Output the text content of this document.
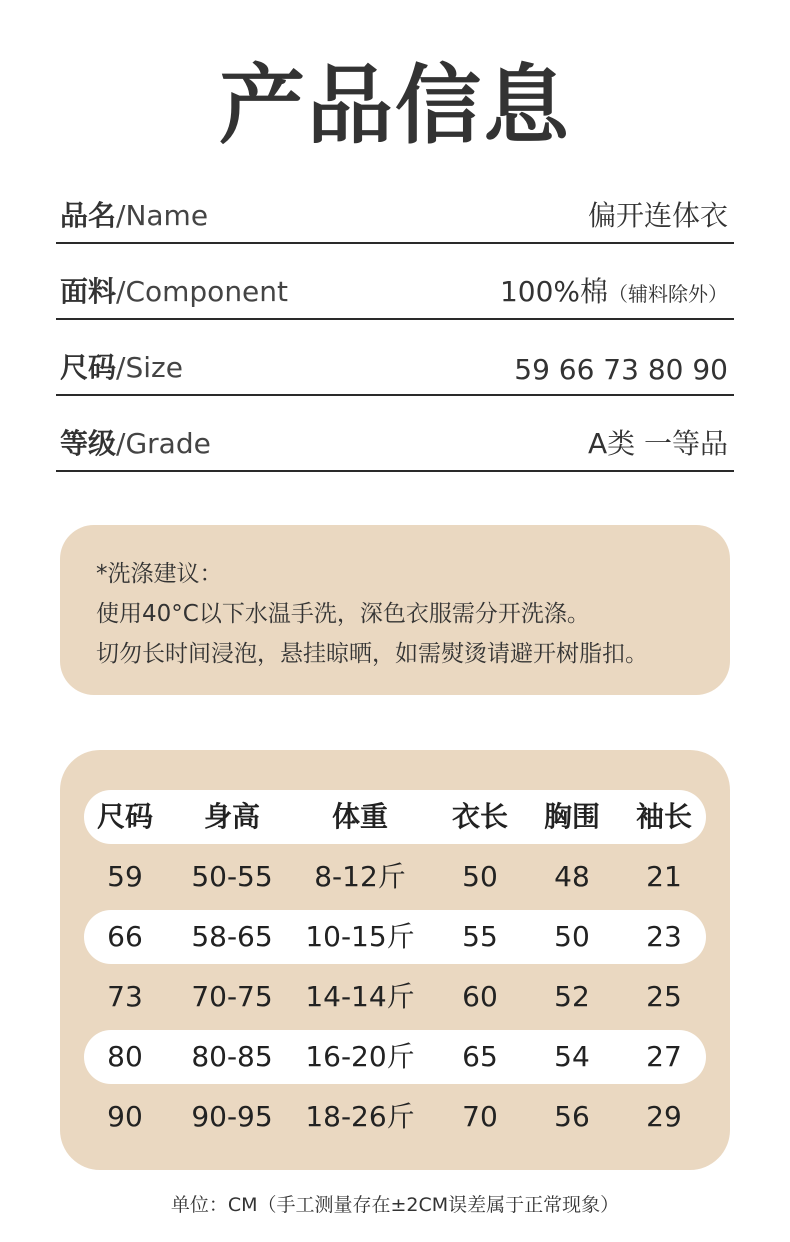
产品信息
品名/Name	偏开连体衣
面料/Component	100%棉（辅料除外）
尺码/Size	59 66 73 80 90
等级/Grade	A类 一等品
*洗涤建议：
使用40°C以下水温手洗，深色衣服需分开洗涤。
切勿长时间浸泡，悬挂晾晒，如需熨烫请避开树脂扣。
尺码	身高	体重	衣长	胸围	袖长
59	50-55	8-12斤	50	48	21
66	58-65	10-15斤	55	50	23
73	70-75	14-14斤	60	52	25
80	80-85	16-20斤	65	54	27
90	90-95	18-26斤	70	56	29
单位：CM（手工测量存在±2CM误差属于正常现象）
